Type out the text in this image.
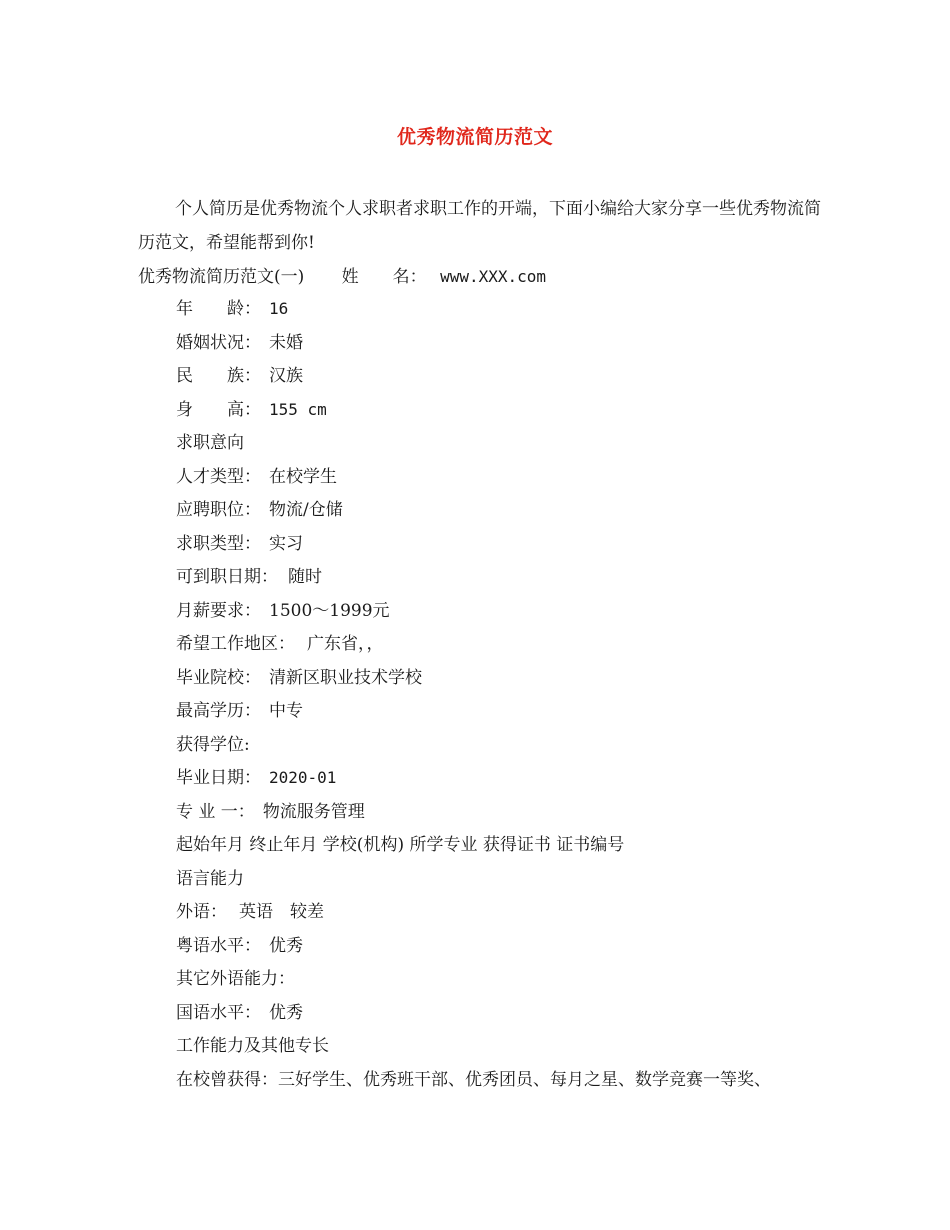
优秀物流简历范文

个人简历是优秀物流个人求职者求职工作的开端，下面小编给大家分享一些优秀物流简历范文，希望能帮到你!

优秀物流简历范文(一) 姓　　名： www.XXX.com
年　　龄： 16
婚姻状况： 未婚
民　　族： 汉族
身　　高： 155 cm
求职意向
人才类型： 在校学生
应聘职位： 物流/仓储
求职类型： 实习
可到职日期： 随时
月薪要求： 1500～1999元
希望工作地区： 广东省，，
毕业院校： 清新区职业技术学校
最高学历： 中专
获得学位:
毕业日期： 2020-01
专 业 一： 物流服务管理
起始年月 终止年月 学校(机构) 所学专业 获得证书 证书编号
语言能力
外语： 英语　较差
粤语水平： 优秀
其它外语能力：
国语水平： 优秀
工作能力及其他专长
在校曾获得：三好学生、优秀班干部、优秀团员、每月之星、数学竞赛一等奖、
